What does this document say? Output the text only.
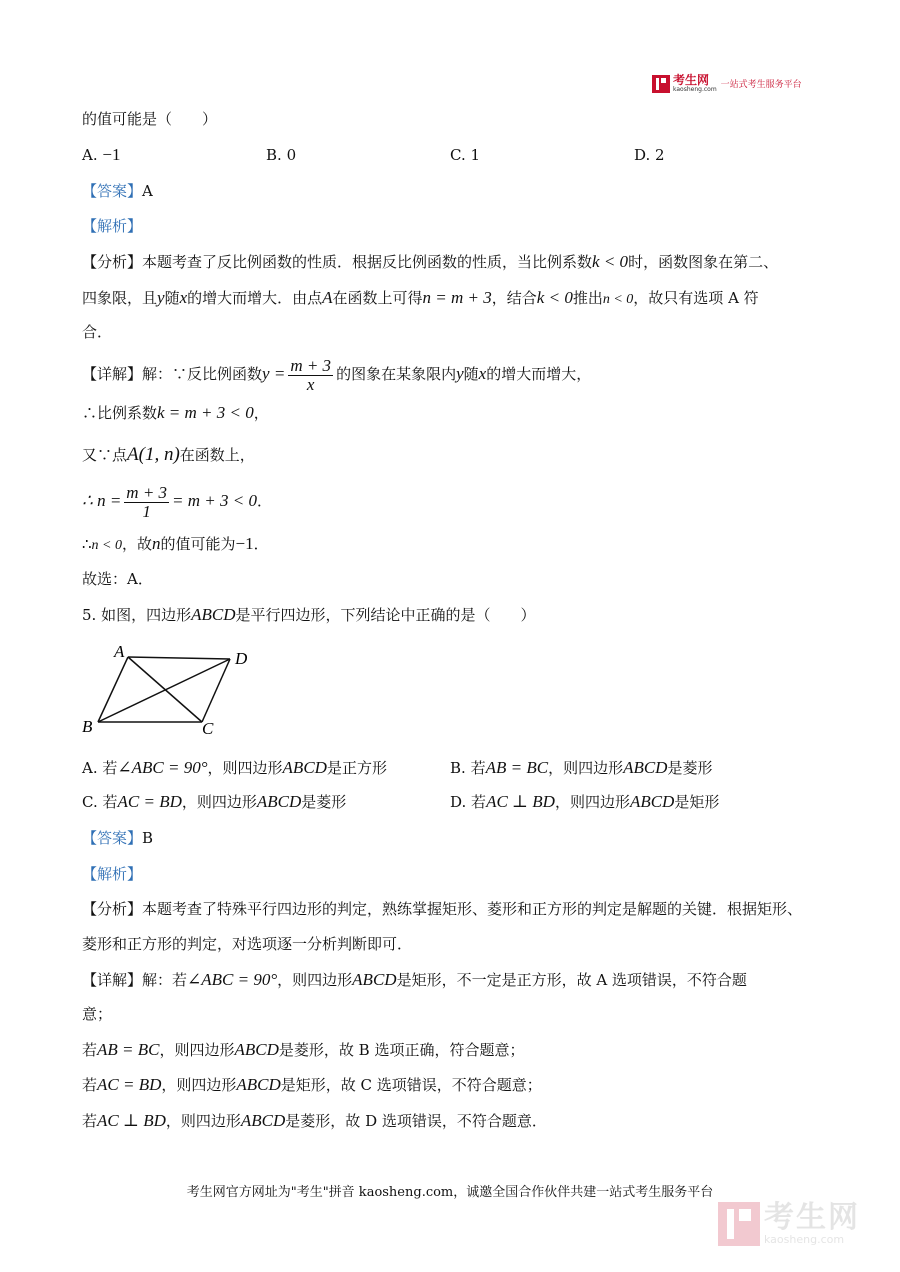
考生网
kaosheng.com 一站式考生服务平台
的值可能是（　　）
A. −1	B. 0	C. 1	D. 2
【答案】A
【解析】
【分析】本题考查了反比例函数的性质．根据反比例函数的性质，当比例系数k < 0时，函数图象在第二、
四象限，且y随x的增大而增大．由点A在函数上可得n = m + 3，结合k < 0推出n < 0，故只有选项 A 符
合．
【详解】解：∵反比例函数$y = \frac{m + 3}{x}$ 的图象在某象限内y随x的增大而增大，
∴比例系数k = m + 3 < 0，
又∵点A(1, n)在函数上，
∴ $n = \frac{m + 3}{1} = m + 3 < 0$．
∴n < 0，故n的值可能为−1．
故选：A．
5. 如图，四边形ABCD是平行四边形，下列结论中正确的是（　　）
A	D
B	C
A. 若∠ABC = 90°，则四边形ABCD是正方形	B. 若AB = BC，则四边形ABCD是菱形
C. 若AC = BD，则四边形ABCD是菱形	D. 若AC ⊥ BD，则四边形ABCD是矩形
【答案】B
【解析】
【分析】本题考查了特殊平行四边形的判定，熟练掌握矩形、菱形和正方形的判定是解题的关键．根据矩形、
菱形和正方形的判定，对选项逐一分析判断即可．
【详解】解：若∠ABC = 90°，则四边形ABCD是矩形，不一定是正方形，故 A 选项错误，不符合题
意；
若AB = BC，则四边形ABCD是菱形，故 B 选项正确，符合题意；
若AC = BD，则四边形ABCD是矩形，故 C 选项错误，不符合题意；
若AC ⊥ BD，则四边形ABCD是菱形，故 D 选项错误，不符合题意．
考生网官方网址为"考生"拼音 kaosheng.com，诚邀全国合作伙伴共建一站式考生服务平台
考生网
kaosheng.com
